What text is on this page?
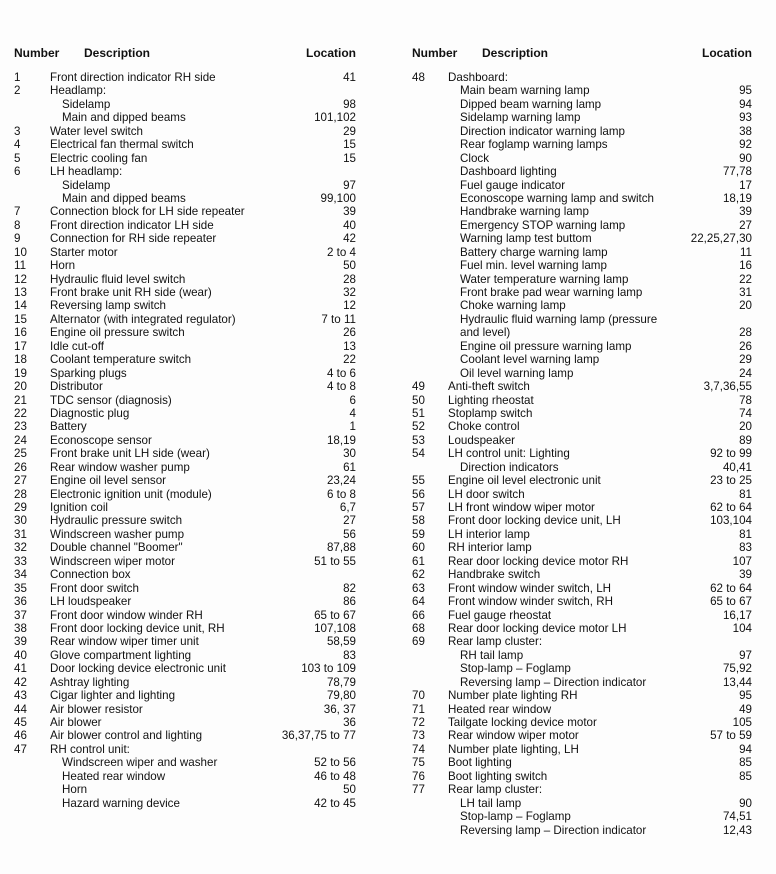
Number Description	Location
1	Front direction indicator RH side	41
2	Headlamp:
Sidelamp	98
Main and dipped beams	101,102
3	Water level switch	29
4	Electrical fan thermal switch	15
5	Electric cooling fan	15
6	LH headlamp:
Sidelamp	97
Main and dipped beams	99,100
7	Connection block for LH side repeater	39
8	Front direction indicator LH side	40
9	Connection for RH side repeater	42
10 Starter motor	2 to 4
11 Horn	50
12 Hydraulic fluid level switch	28
13 Front brake unit RH side (wear)	32
14 Reversing lamp switch	12
15 Alternator (with integrated regulator)	7 to 11
16 Engine oil pressure switch	26
17 Idle cut-off	13
18 Coolant temperature switch	22
19 Sparking plugs	4 to 6
20 Distributor	4 to 8
21 TDC sensor (diagnosis)	6
22 Diagnostic plug	4
23 Battery	1
24 Econoscope sensor	18,19
25 Front brake unit LH side (wear)	30
26 Rear window washer pump	61
27 Engine oil level sensor	23,24
28 Electronic ignition unit (module)	6 to 8
29 Ignition coil	6,7
30 Hydraulic pressure switch	27
31 Windscreen washer pump	56
32 Double channel "Boomer"	87,88
33 Windscreen wiper motor	51 to 55
34 Connection box
35 Front door switch	82
36 LH loudspeaker	86
37 Front door window winder RH	65 to 67
38 Front door locking device unit, RH	107,108
39 Rear window wiper timer unit	58,59
40 Glove compartment lighting	83
41 Door locking device electronic unit	103 to 109
42 Ashtray lighting	78,79
43 Cigar lighter and lighting	79,80
44 Air blower resistor	36, 37
45 Air blower	36
46 Air blower control and lighting	36,37,75 to 77
47 RH control unit:
Windscreen wiper and washer	52 to 56
Heated rear window	46 to 48
Horn	50
Hazard warning device	42 to 45
Number Description	Location
48 Dashboard:
Main beam warning lamp	95
Dipped beam warning lamp	94
Sidelamp warning lamp	93
Direction indicator warning lamp	38
Rear foglamp warning lamps	92
Clock	90
Dashboard lighting	77,78
Fuel gauge indicator	17
Econoscope warning lamp and switch	18,19
Handbrake warning lamp	39
Emergency STOP warning lamp	27
Warning lamp test buttom	22,25,27,30
Battery charge warning lamp	11
Fuel min. level warning lamp	16
Water temperature warning lamp	22
Front brake pad wear warning lamp	31
Choke warning lamp	20
Hydraulic fluid warning lamp (pressure
and level)	28
Engine oil pressure warning lamp	26
Coolant level warning lamp	29
Oil level warning lamp	24
49 Anti-theft switch	3,7,36,55
50 Lighting rheostat	78
51 Stoplamp switch	74
52 Choke control	20
53 Loudspeaker	89
54 LH control unit: Lighting	92 to 99
Direction indicators	40,41
55 Engine oil level electronic unit	23 to 25
56 LH door switch	81
57 LH front window wiper motor	62 to 64
58 Front door locking device unit, LH	103,104
59 LH interior lamp	81
60 RH interior lamp	83
61 Rear door locking device motor RH	107
62 Handbrake switch	39
63 Front window winder switch, LH	62 to 64
64 Front window winder switch, RH	65 to 67
66 Fuel gauge rheostat	16,17
68 Rear door locking device motor LH	104
69 Rear lamp cluster:
RH tail lamp	97
Stop-lamp – Foglamp	75,92
Reversing lamp – Direction indicator	13,44
70 Number plate lighting RH	95
71 Heated rear window	49
72 Tailgate locking device motor	105
73 Rear window wiper motor	57 to 59
74 Number plate lighting, LH	94
75 Boot lighting	85
76 Boot lighting switch	85
77 Rear lamp cluster:
LH tail lamp	90
Stop-lamp – Foglamp	74,51
Reversing lamp – Direction indicator	12,43
